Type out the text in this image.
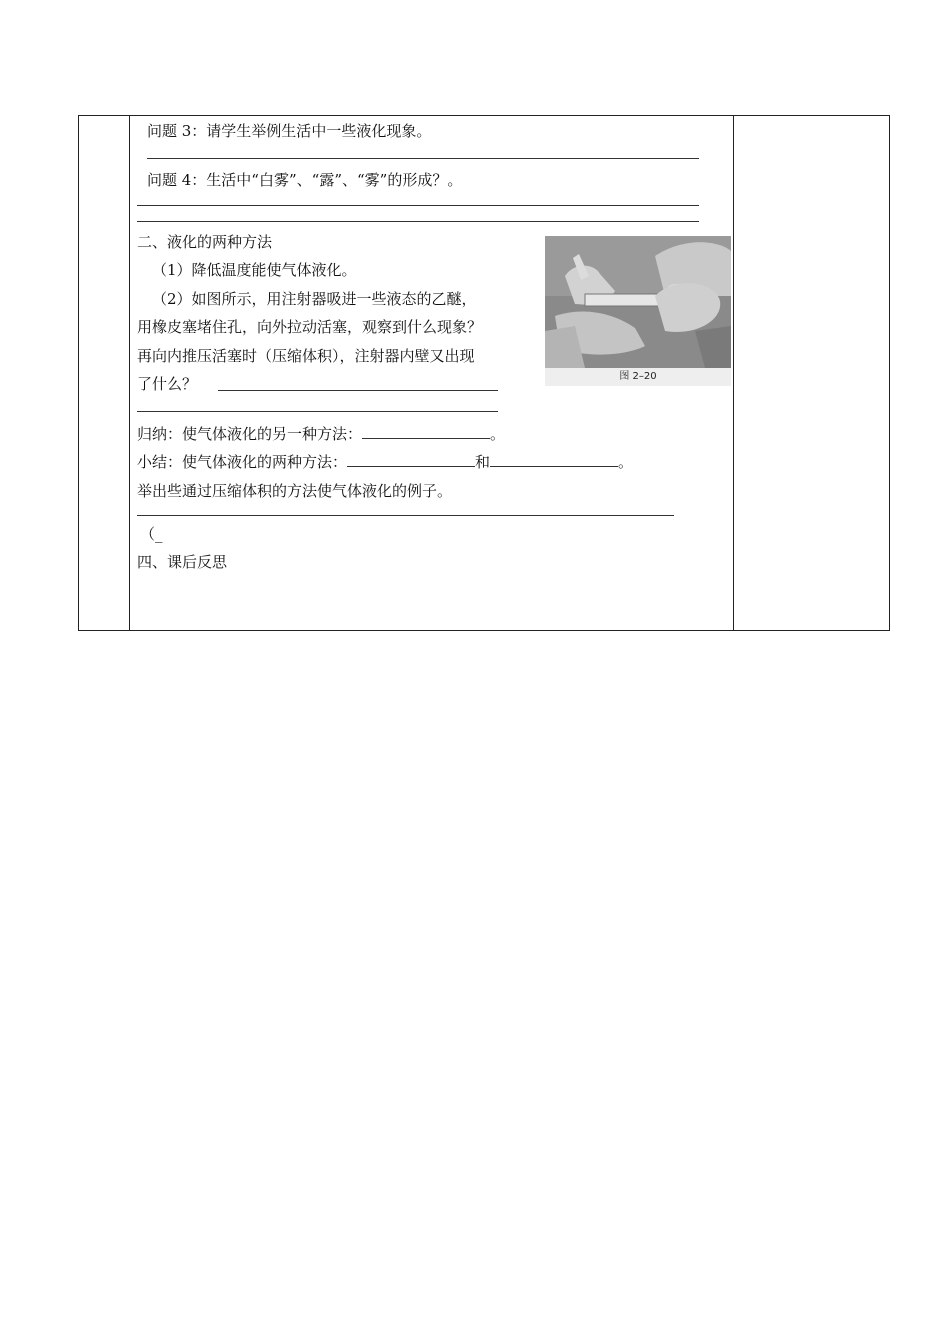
问题 3：请学生举例生活中一些液化现象。
问题 4：生活中“白雾”、“露”、“雾”的形成？。
二、液化的两种方法
（1）降低温度能使气体液化。
（2）如图所示，用注射器吸进一些液态的乙醚，
用橡皮塞堵住孔，向外拉动活塞，观察到什么现象？
再向内推压活塞时（压缩体积），注射器内壁又出现
了什么？	图 2–20
归纳：使气体液化的另一种方法：	。
小结：使气体液化的两种方法：	和	。
举出些通过压缩体积的方法使气体液化的例子。
（_
四、课后反思
